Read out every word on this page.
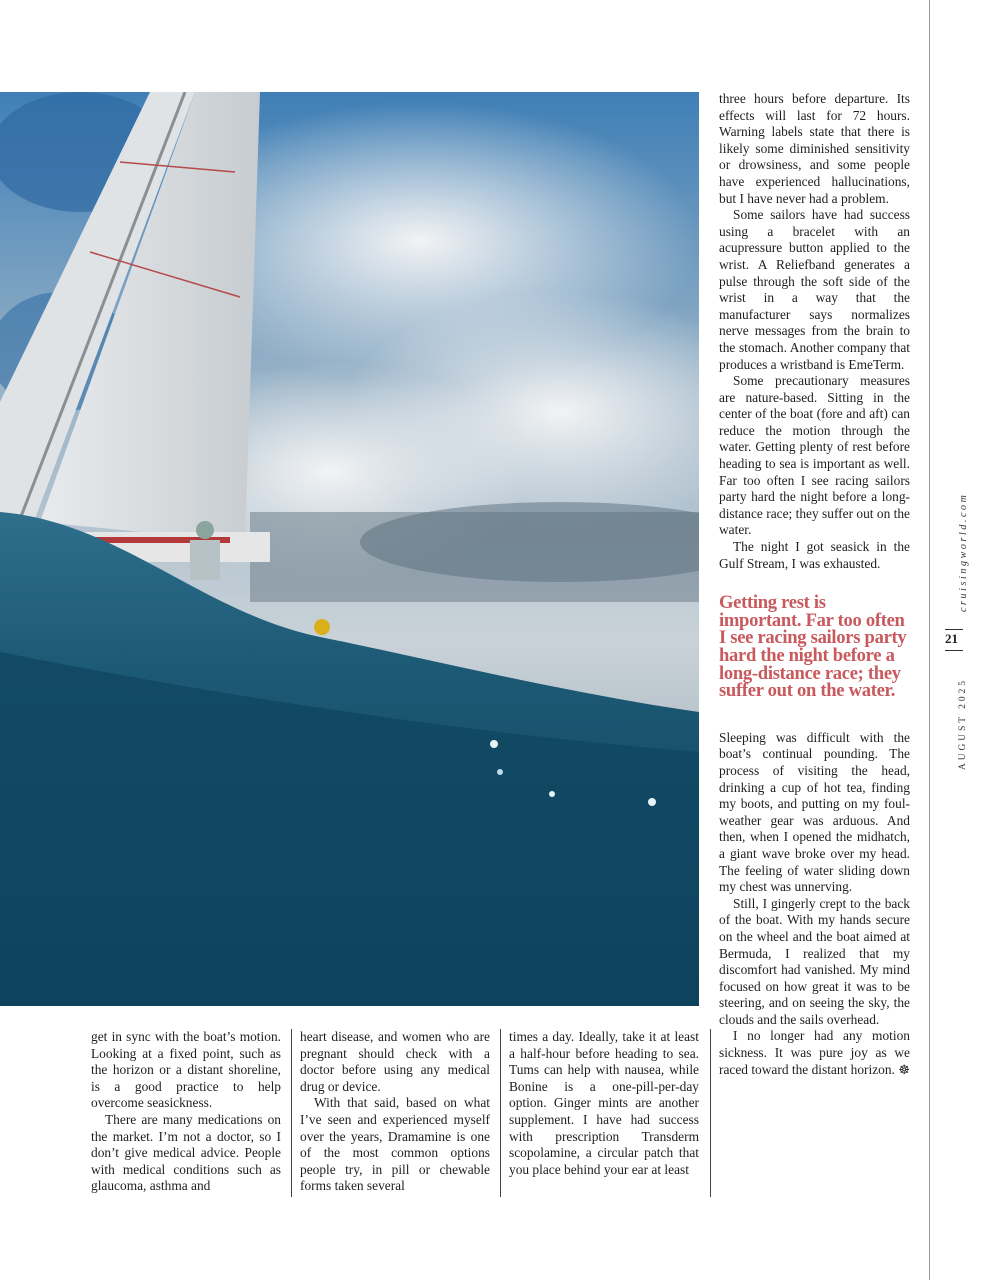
get in sync with the boat’s motion. Looking at a fixed point, such as the horizon or a distant shoreline, is a good practice to help overcome seasickness.

There are many medications on the market. I’m not a doctor, so I don’t give medical advice. People with medical conditions such as glaucoma, asthma and

heart disease, and women who are pregnant should check with a doctor before using any medical drug or device.

With that said, based on what I’ve seen and experienced myself over the years, Dramamine is one of the most common options people try, in pill or chewable forms taken several

times a day. Ideally, take it at least a half-hour before heading to sea. Tums can help with nausea, while Bonine is a one-pill-per-day option. Ginger mints are another supplement. I have had success with prescription Transderm scopolamine, a circular patch that you place behind your ear at least

three hours before departure. Its effects will last for 72 hours. Warning labels state that there is likely some diminished sensitivity or drowsiness, and some people have experienced hallucinations, but I have never had a problem.

Some sailors have had success using a bracelet with an acupressure button applied to the wrist. A Reliefband generates a pulse through the soft side of the wrist in a way that the manufacturer says normalizes nerve messages from the brain to the stomach. Another company that produces a wristband is EmeTerm.

Some precautionary measures are nature-based. Sitting in the center of the boat (fore and aft) can reduce the motion through the water. Getting plenty of rest before heading to sea is important as well. Far too often I see racing sailors party hard the night before a long-distance race; they suffer out on the water.

The night I got seasick in the Gulf Stream, I was exhausted.

Getting rest is important. Far too often I see racing sailors party hard the night before a long-distance race; they suffer out on the water.

Sleeping was difficult with the boat’s continual pounding. The process of visiting the head, drinking a cup of hot tea, finding my boots, and putting on my foul-weather gear was arduous. And then, when I opened the midhatch, a giant wave broke over my head. The feeling of water sliding down my chest was unnerving.

Still, I gingerly crept to the back of the boat. With my hands secure on the wheel and the boat aimed at Bermuda, I realized that my discomfort had vanished. My mind focused on how great it was to be steering, and on seeing the sky, the clouds and the sails overhead.

I no longer had any motion sickness. It was pure joy as we raced toward the distant horizon. ☸

cruisingworld.com
21
AUGUST 2025
